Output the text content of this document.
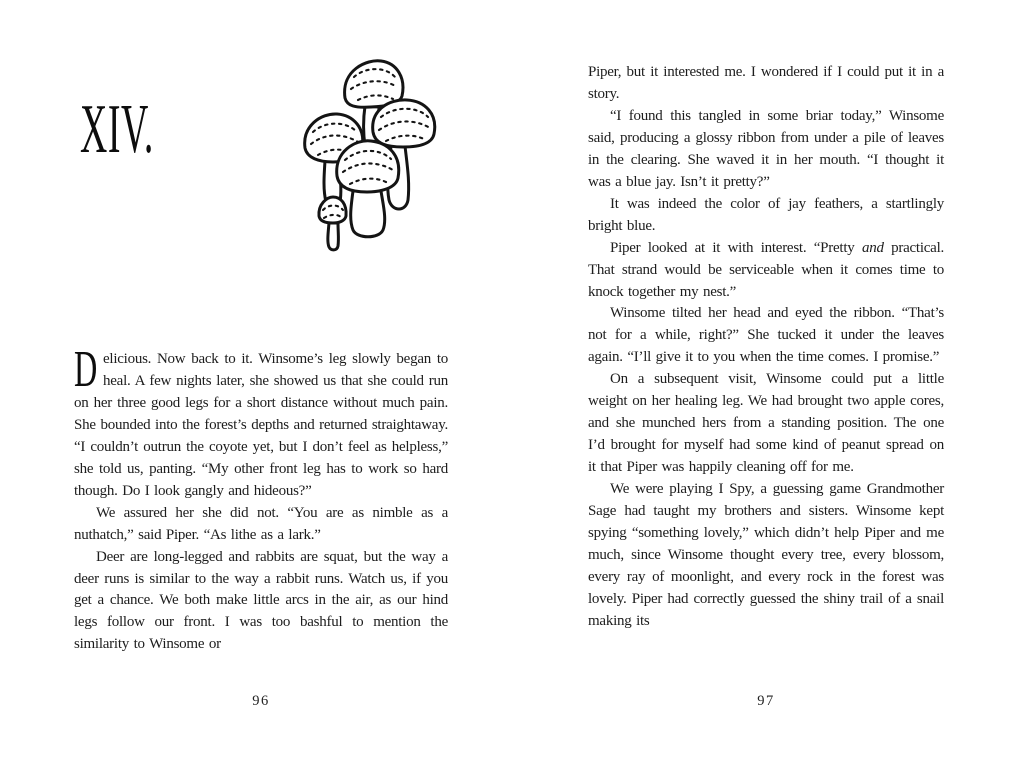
XIV.

Delicious. Now back to it. Winsome’s leg slowly began to heal. A few nights later, she showed us that she could run on her three good legs for a short distance without much pain. She bounded into the forest’s depths and returned straightaway. “I couldn’t outrun the coyote yet, but I don’t feel as helpless,” she told us, panting. “My other front leg has to work so hard though. Do I look gangly and hideous?”

We assured her she did not. “You are as nimble as a nuthatch,” said Piper. “As lithe as a lark.”

Deer are long-legged and rabbits are squat, but the way a deer runs is similar to the way a rabbit runs. Watch us, if you get a chance. We both make little arcs in the air, as our hind legs follow our front. I was too bashful to mention the similarity to Winsome or

96

Piper, but it interested me. I wondered if I could put it in a story.

“I found this tangled in some briar today,” Winsome said, producing a glossy ribbon from under a pile of leaves in the clearing. She waved it in her mouth. “I thought it was a blue jay. Isn’t it pretty?”

It was indeed the color of jay feathers, a startlingly bright blue.

Piper looked at it with interest. “Pretty and practical. That strand would be serviceable when it comes time to knock together my nest.”

Winsome tilted her head and eyed the ribbon. “That’s not for a while, right?” She tucked it under the leaves again. “I’ll give it to you when the time comes. I promise.”

On a subsequent visit, Winsome could put a little weight on her healing leg. We had brought two apple cores, and she munched hers from a standing position. The one I’d brought for myself had some kind of peanut spread on it that Piper was happily cleaning off for me.

We were playing I Spy, a guessing game Grandmother Sage had taught my brothers and sisters. Winsome kept spying “something lovely,” which didn’t help Piper and me much, since Winsome thought every tree, every blossom, every ray of moonlight, and every rock in the forest was lovely. Piper had correctly guessed the shiny trail of a snail making its

97
